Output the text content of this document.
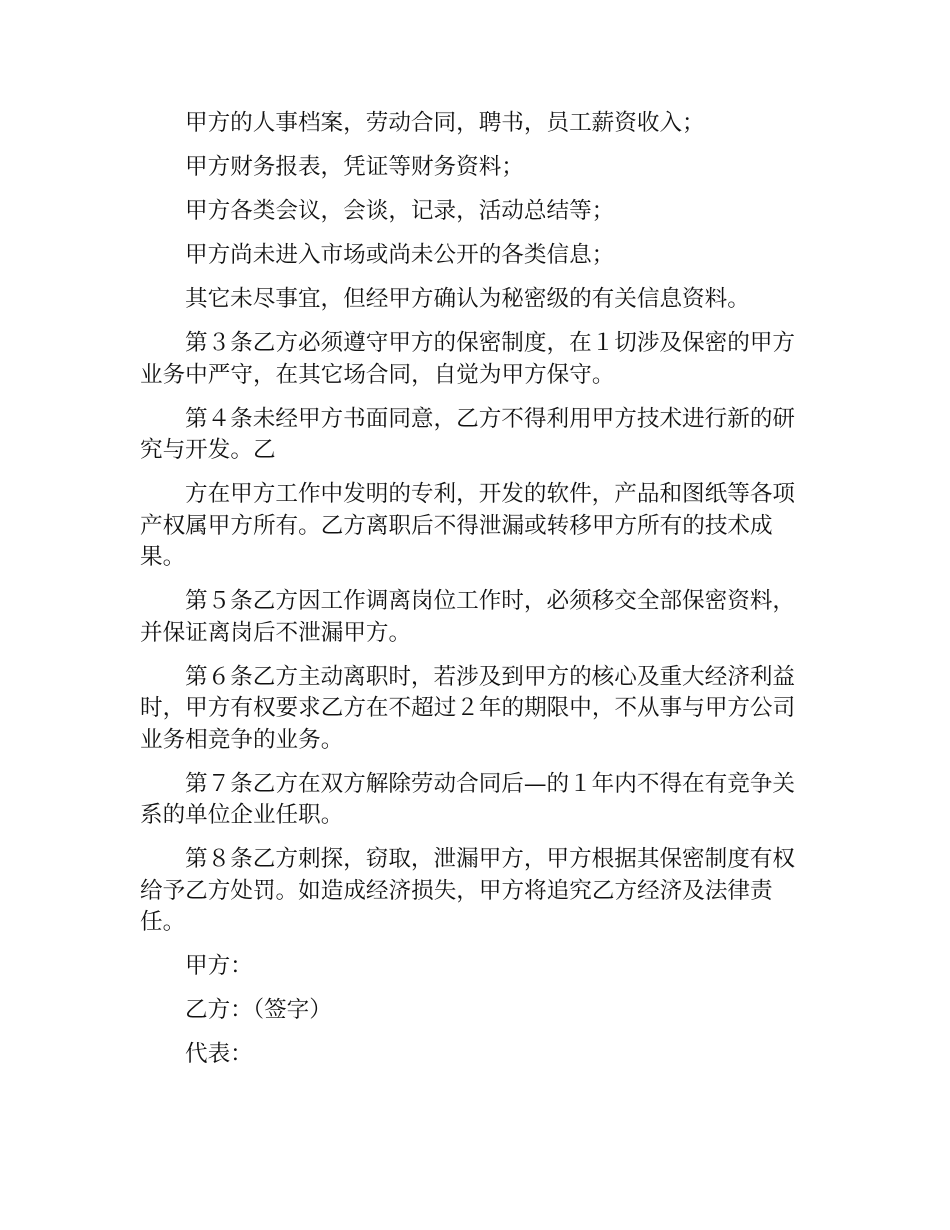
甲方的人事档案，劳动合同，聘书，员工薪资收入；

甲方财务报表，凭证等财务资料；

甲方各类会议，会谈，记录，活动总结等；

甲方尚未进入市场或尚未公开的各类信息；

其它未尽事宜，但经甲方确认为秘密级的有关信息资料。

第３条乙方必须遵守甲方的保密制度，在１切涉及保密的甲方业务中严守，在其它场合同，自觉为甲方保守。

第４条未经甲方书面同意，乙方不得利用甲方技术进行新的研究与开发。乙

方在甲方工作中发明的专利，开发的软件，产品和图纸等各项产权属甲方所有。乙方离职后不得泄漏或转移甲方所有的技术成果。

第５条乙方因工作调离岗位工作时，必须移交全部保密资料，并保证离岗后不泄漏甲方。

第６条乙方主动离职时，若涉及到甲方的核心及重大经济利益时，甲方有权要求乙方在不超过２年的期限中，不从事与甲方公司业务相竞争的业务。

第７条乙方在双方解除劳动合同后—的１年内不得在有竞争关系的单位企业任职。

第８条乙方刺探，窃取，泄漏甲方，甲方根据其保密制度有权给予乙方处罚。如造成经济损失，甲方将追究乙方经济及法律责任。

甲方：

乙方：（签字）

代表：
